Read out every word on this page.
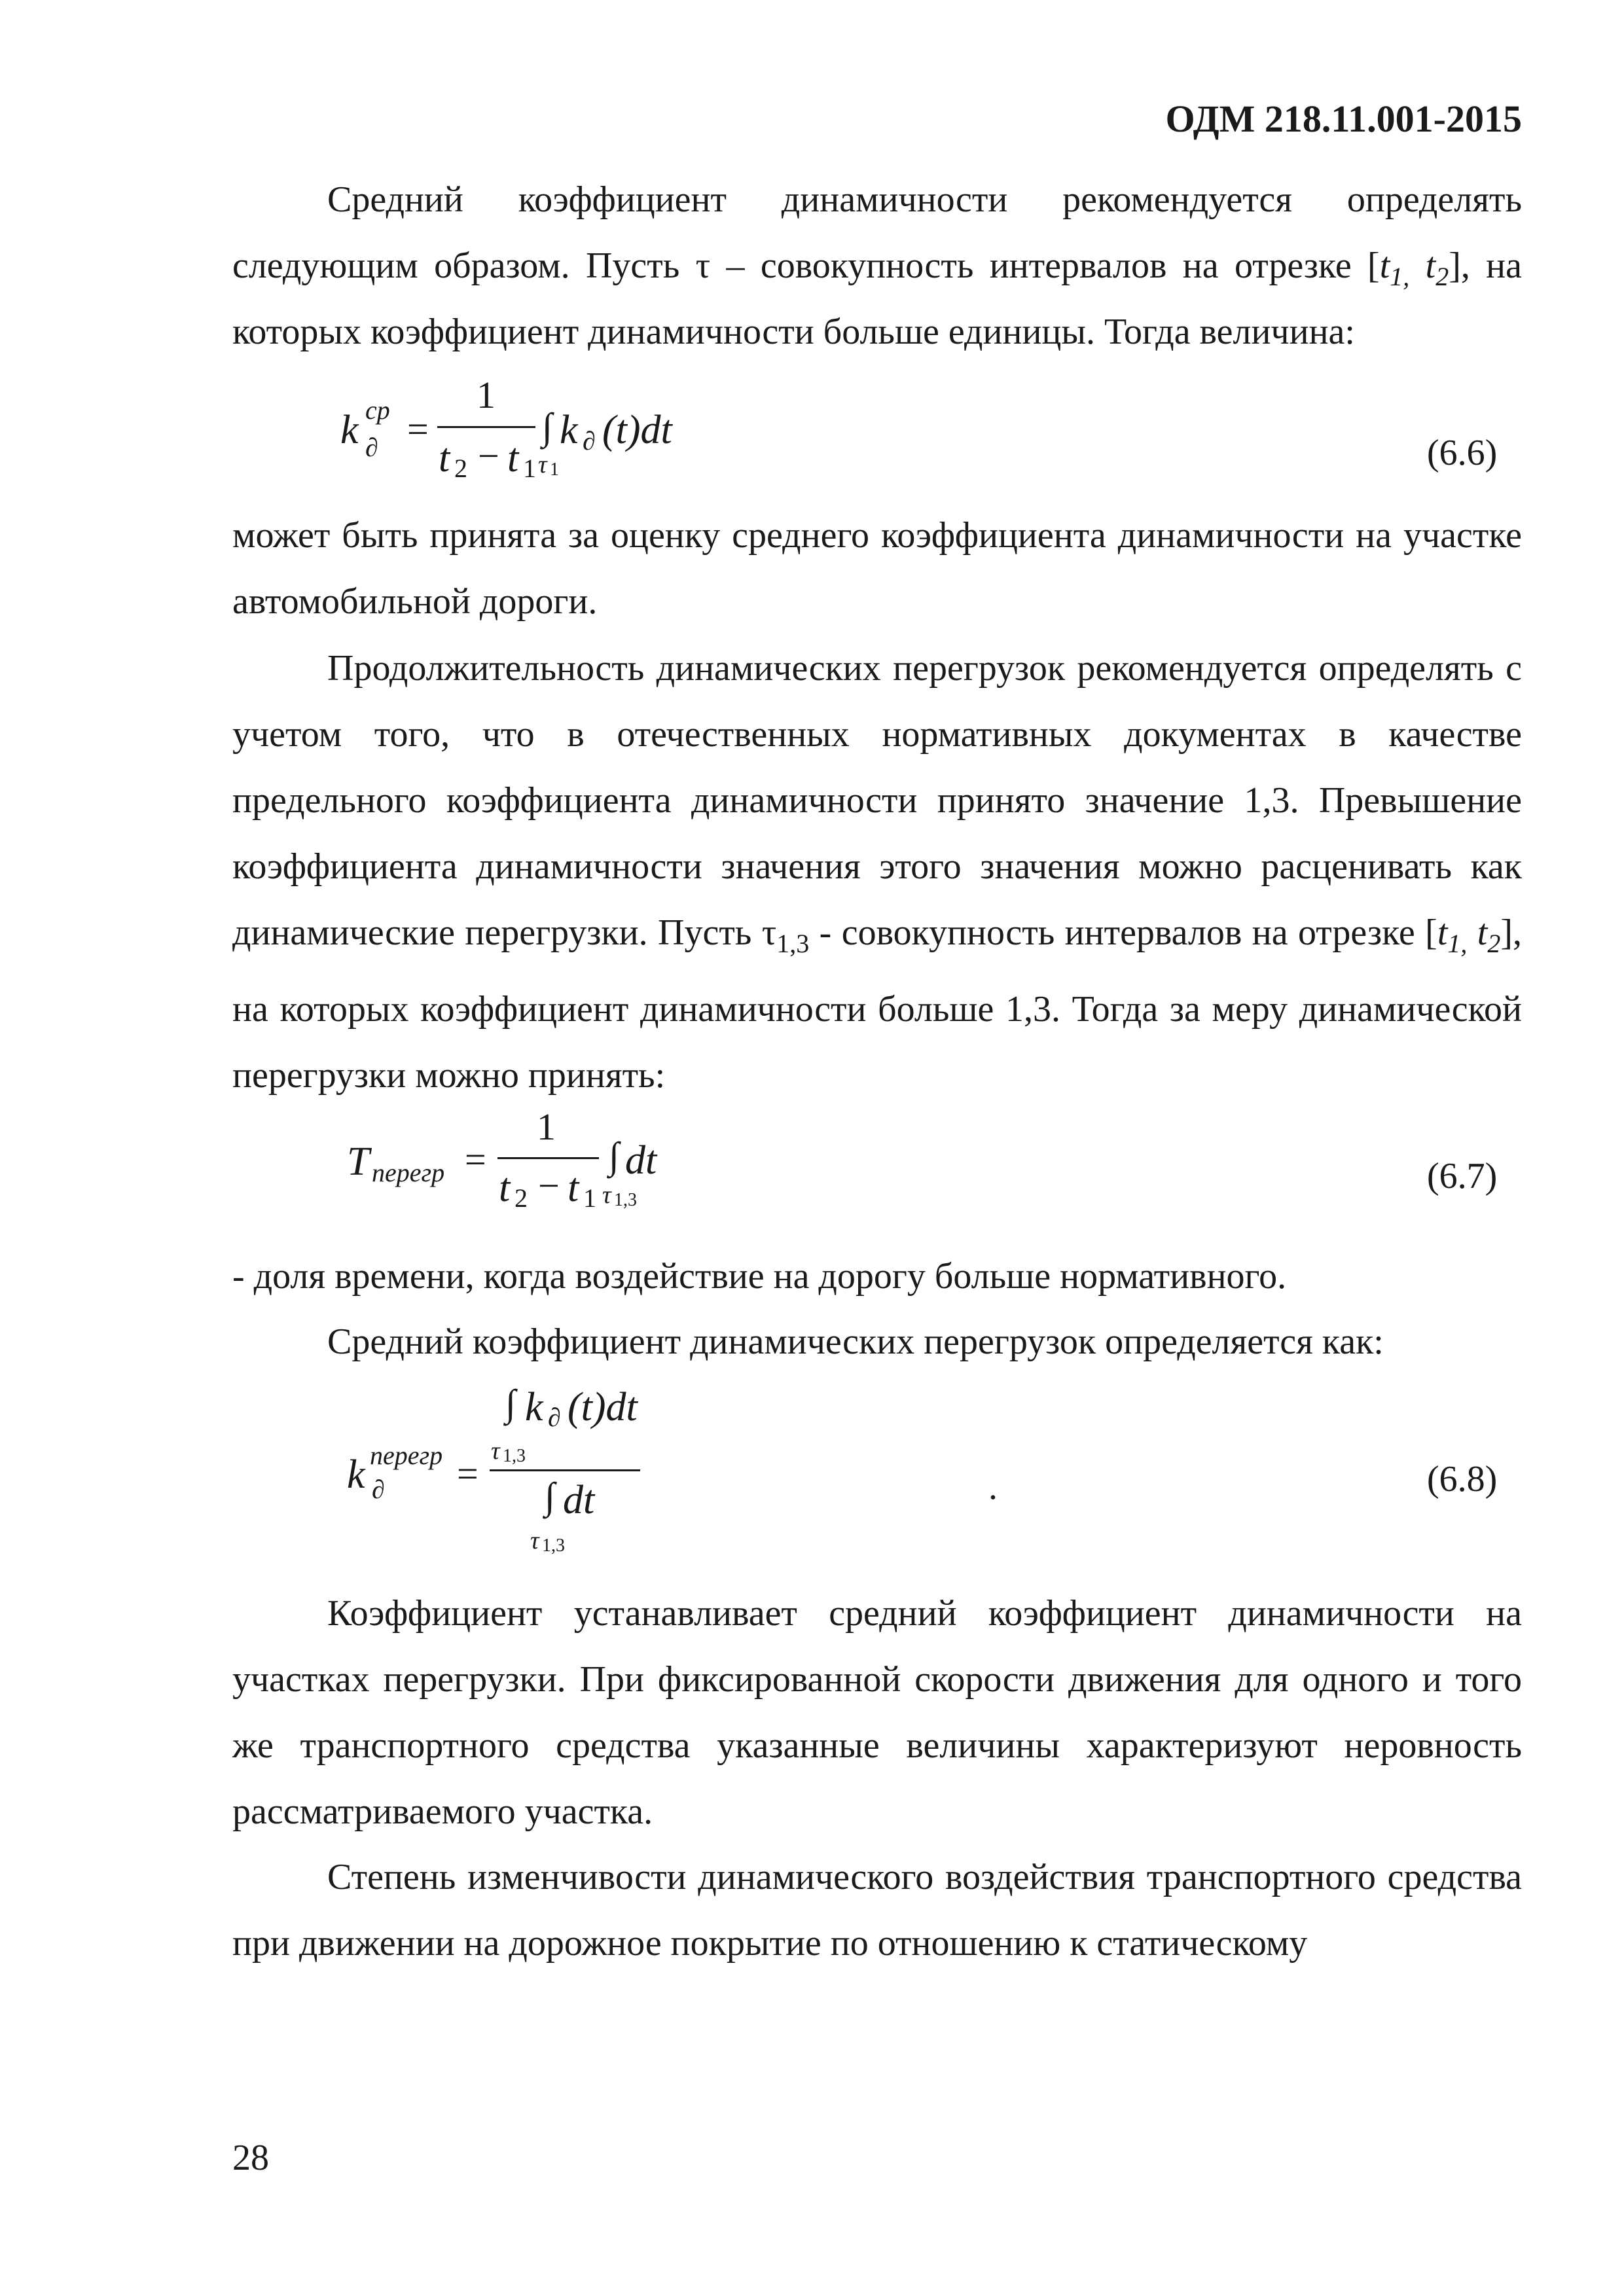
ОДМ 218.11.001-2015

Средний коэффициент динамичности рекомендуется определять

следующим образом. Пусть τ – совокупность интервалов на отрезке [$t_{1,}$ $t_2$], на

которых коэффициент динамичности больше единицы. Тогда величина:

k cp
∂ =
1
t 2 − t 1
∫
τ 1
k ∂ (t)dt
(6.6)

может быть принята за оценку среднего коэффициента динамичности на участке автомобильной дороги.

Продолжительность динамических перегрузок рекомендуется определять с учетом того, что в отечественных нормативных документах в качестве предельного коэффициента динамичности принято значение 1,3. Превышение коэффициента динамичности значения этого значения можно расценивать как динамические перегрузки. Пусть $\tau_{1,3}$ - совокупность интервалов на отрезке [$t_{1,}$ $t_2$], на которых коэффициент динамичности больше 1,3. Тогда за меру динамической перегрузки можно принять:

T перегр =
1
t 2 − t 1
∫
τ 1,3
dt	(6.7)

- доля времени, когда воздействие на дорогу больше нормативного.

Средний коэффициент динамических перегрузок определяется как:

k перегр
∂ =
∫ k ∂ (t)dt
τ 1,3
∫ dt
τ 1,3
.	(6.8)

Коэффициент устанавливает средний коэффициент динамичности на участках перегрузки. При фиксированной скорости движения для одного и того же транспортного средства указанные величины характеризуют неровность рассматриваемого участка.

Степень изменчивости динамического воздействия транспортного средства при движении на дорожное покрытие по отношению к статическому

28
